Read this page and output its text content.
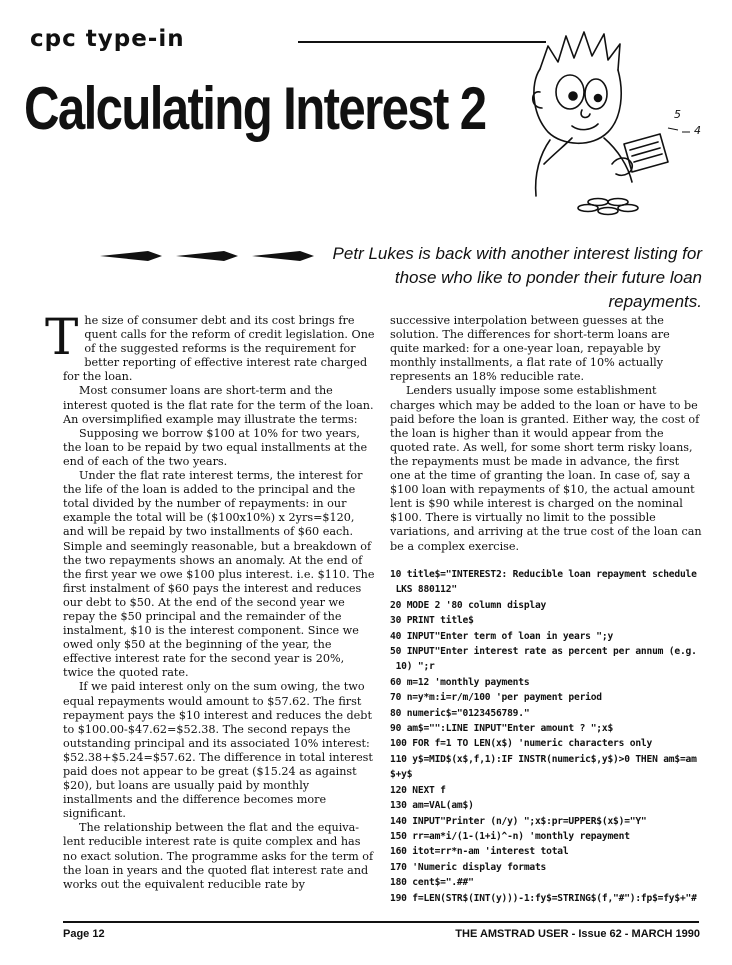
cpc type-in
Calculating Interest 2	5
4
Petr Lukes is back with another interest listing for those who like to ponder their future loan repayments.

The size of consumer debt and its cost brings fre quent calls for the reform of credit legislation. One of the suggested reforms is the requirement for better reporting of effective interest rate charged for the loan.

Most consumer loans are short-term and the interest quoted is the flat rate for the term of the loan. An oversimplified example may illustrate the terms:

Supposing we borrow $100 at 10% for two years, the loan to be repaid by two equal installments at the end of each of the two years.

Under the flat rate interest terms, the interest for the life of the loan is added to the principal and the total divided by the number of repayments: in our example the total will be ($100x10%) x 2yrs=$120, and will be repaid by two installments of $60 each. Simple and seemingly reasonable, but a breakdown of the two repayments shows an anomaly. At the end of the first year we owe $100 plus interest. i.e. $110. The first instalment of $60 pays the interest and reduces our debt to $50. At the end of the second year we repay the $50 principal and the remainder of the instalment, $10 is the interest component. Since we owed only $50 at the beginning of the year, the effective interest rate for the second year is 20%, twice the quoted rate.

If we paid interest only on the sum owing, the two equal repayments would amount to $57.62. The first repayment pays the $10 interest and reduces the debt to $100.00-$47.62=$52.38. The second repays the outstanding principal and its associated 10% interest: $52.38+$5.24=$57.62. The difference in total interest paid does not appear to be great ($15.24 as against $20), but loans are usually paid by monthly installments and the difference becomes more significant.

The relationship between the flat and the equiva- lent reducible interest rate is quite complex and has no exact solution. The programme asks for the term of the loan in years and the quoted flat interest rate and works out the equivalent reducible rate by

successive interpolation between guesses at the solution. The differences for short-term loans are quite marked: for a one-year loan, repayable by monthly installments, a flat rate of 10% actually represents an 18% reducible rate.

Lenders usually impose some establishment charges which may be added to the loan or have to be paid before the loan is granted. Either way, the cost of the loan is higher than it would appear from the quoted rate. As well, for some short term risky loans, the repayments must be made in advance, the first one at the time of granting the loan. In case of, say a $100 loan with repayments of $10, the actual amount lent is $90 while interest is charged on the nominal $100. There is virtually no limit to the possible variations, and arriving at the true cost of the loan can be a complex exercise.

10 title$="INTEREST2: Reducible loan repayment schedule
LKS 880112"
20 MODE 2 '80 column display
30 PRINT title$
40 INPUT"Enter term of loan in years ";y
50 INPUT"Enter interest rate as percent per annum (e.g.
10) ";r
60 m=12 'monthly payments
70 n=y*m:i=r/m/100 'per payment period
80 numeric$="0123456789."
90 am$="":LINE INPUT"Enter amount ? ";x$
100 FOR f=1 TO LEN(x$) 'numeric characters only
110 y$=MID$(x$,f,1):IF INSTR(numeric$,y$)>0 THEN am$=am
$+y$
120 NEXT f
130 am=VAL(am$)
140 INPUT"Printer (n/y) ";x$:pr=UPPER$(x$)="Y"
150 rr=am*i/(1-(1+i)^-n) 'monthly repayment
160 itot=rr*n-am 'interest total
170 'Numeric display formats
180 cent$=".##"
190 f=LEN(STR$(INT(y)))-1:fy$=STRING$(f,"#"):fp$=fy$+"#
Page 12	THE AMSTRAD USER - Issue 62 - MARCH 1990
